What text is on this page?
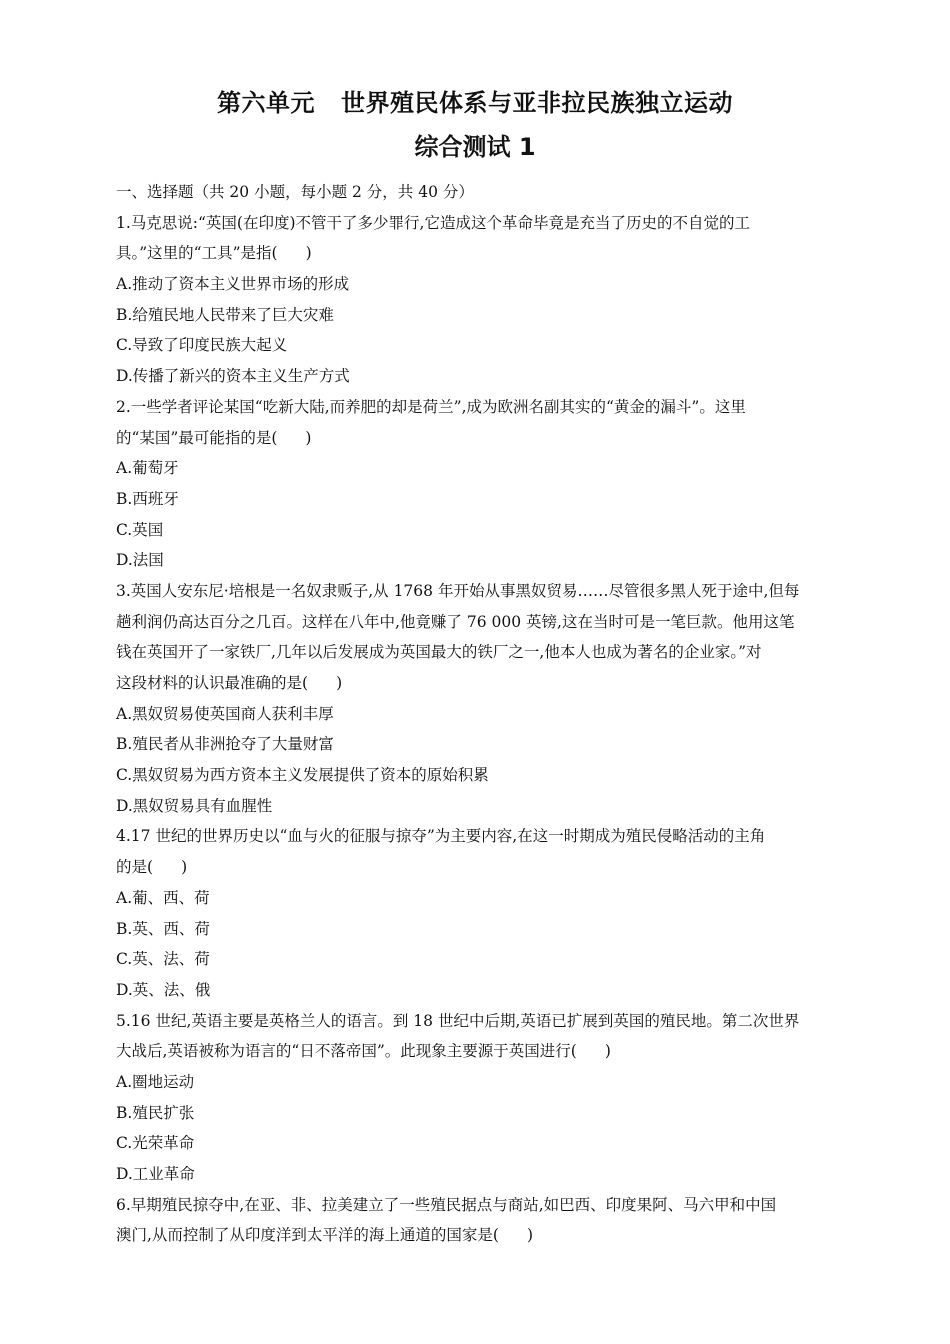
第六单元 世界殖民体系与亚非拉民族独立运动
综合测试 1
一、选择题（共 20 小题，每小题 2 分，共 40 分）
1.马克思说:“英国(在印度)不管干了多少罪行,它造成这个革命毕竟是充当了历史的不自觉的工
具。”这里的“工具”是指( )
A.推动了资本主义世界市场的形成
B.给殖民地人民带来了巨大灾难
C.导致了印度民族大起义
D.传播了新兴的资本主义生产方式
2.一些学者评论某国“吃新大陆,而养肥的却是荷兰”,成为欧洲名副其实的“黄金的漏斗”。这里
的“某国”最可能指的是( )
A.葡萄牙
B.西班牙
C.英国
D.法国
3.英国人安东尼·培根是一名奴隶贩子,从 1768 年开始从事黑奴贸易……尽管很多黑人死于途中,但每
趟利润仍高达百分之几百。这样在八年中,他竟赚了 76 000 英镑,这在当时可是一笔巨款。他用这笔
钱在英国开了一家铁厂,几年以后发展成为英国最大的铁厂之一,他本人也成为著名的企业家。”对
这段材料的认识最准确的是( )
A.黑奴贸易使英国商人获利丰厚
B.殖民者从非洲抢夺了大量财富
C.黑奴贸易为西方资本主义发展提供了资本的原始积累
D.黑奴贸易具有血腥性
4.17 世纪的世界历史以“血与火的征服与掠夺”为主要内容,在这一时期成为殖民侵略活动的主角
的是( )
A.葡、西、荷
B.英、西、荷
C.英、法、荷
D.英、法、俄
5.16 世纪,英语主要是英格兰人的语言。到 18 世纪中后期,英语已扩展到英国的殖民地。第二次世界
大战后,英语被称为语言的“日不落帝国”。此现象主要源于英国进行( )
A.圈地运动
B.殖民扩张
C.光荣革命
D.工业革命
6.早期殖民掠夺中,在亚、非、拉美建立了一些殖民据点与商站,如巴西、印度果阿、马六甲和中国
澳门,从而控制了从印度洋到太平洋的海上通道的国家是( )
